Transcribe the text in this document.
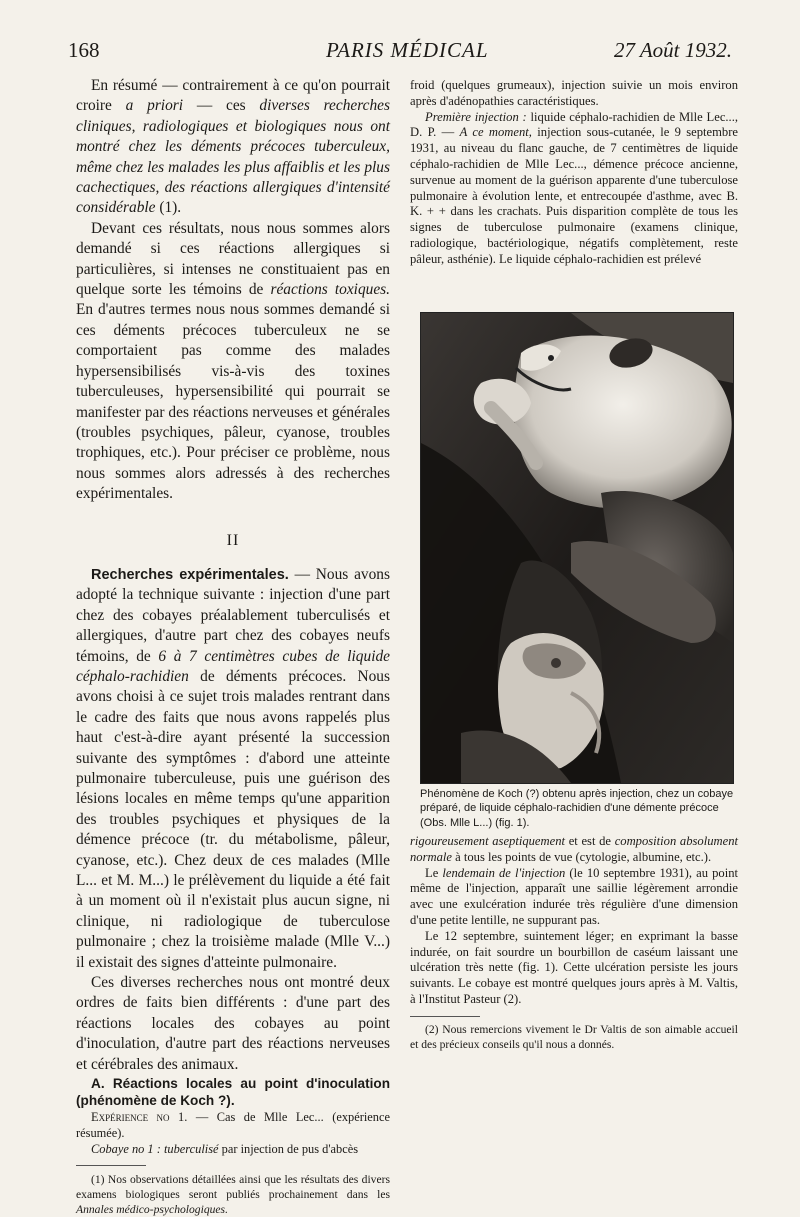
168	PARIS MÉDICAL	27 Août 1932.

En résumé — contrairement à ce qu'on pourrait croire a priori — ces diverses recherches cliniques, radiologiques et biologiques nous ont montré chez les déments précoces tuberculeux, même chez les malades les plus affaiblis et les plus cachectiques, des réactions allergiques d'intensité considérable (1).

Devant ces résultats, nous nous sommes alors demandé si ces réactions allergiques si particulières, si intenses ne constituaient pas en quelque sorte les témoins de réactions toxiques. En d'autres termes nous nous sommes demandé si ces déments précoces tuberculeux ne se comportaient pas comme des malades hypersensibilisés vis-à-vis des toxines tuberculeuses, hypersensibilité qui pourrait se manifester par des réactions nerveuses et générales (troubles psychiques, pâleur, cyanose, troubles trophiques, etc.). Pour préciser ce problème, nous nous sommes alors adressés à des recherches expérimentales.

II

Recherches expérimentales. — Nous avons adopté la technique suivante : injection d'une part chez des cobayes préalablement tuberculisés et allergiques, d'autre part chez des cobayes neufs témoins, de 6 à 7 centimètres cubes de liquide céphalo-rachidien de déments précoces. Nous avons choisi à ce sujet trois malades rentrant dans le cadre des faits que nous avons rappelés plus haut c'est-à-dire ayant présenté la succession suivante des symptômes : d'abord une atteinte pulmonaire tuberculeuse, puis une guérison des lésions locales en même temps qu'une apparition des troubles psychiques et physiques de la démence précoce (tr. du métabolisme, pâleur, cyanose, etc.). Chez deux de ces malades (Mlle L... et M. M...) le prélèvement du liquide a été fait à un moment où il n'existait plus aucun signe, ni clinique, ni radiologique de tuberculose pulmonaire ; chez la troisième malade (Mlle V...) il existait des signes d'atteinte pulmonaire.

Ces diverses recherches nous ont montré deux ordres de faits bien différents : d'une part des réactions locales des cobayes au point d'inoculation, d'autre part des réactions nerveuses et cérébrales des animaux.

A. Réactions locales au point d'inoculation (phénomène de Koch ?).

Expérience no 1. — Cas de Mlle Lec... (expérience résumée).

Cobaye no 1 : tuberculisé par injection de pus d'abcès

(1) Nos observations détaillées ainsi que les résultats des divers examens biologiques seront publiés prochainement dans les Annales médico-psychologiques.

froid (quelques grumeaux), injection suivie un mois environ après d'adénopathies caractéristiques.

Première injection : liquide céphalo-rachidien de Mlle Lec..., D. P. — A ce moment, injection sous-cutanée, le 9 septembre 1931, au niveau du flanc gauche, de 7 centimètres de liquide céphalo-rachidien de Mlle Lec..., démence précoce ancienne, survenue au moment de la guérison apparente d'une tuberculose pulmonaire à évolution lente, et entrecoupée d'asthme, avec B. K. + + dans les crachats. Puis disparition complète de tous les signes de tuberculose pulmonaire (examens clinique, radiologique, bactériologique, négatifs complètement, reste pâleur, asthénie). Le liquide céphalo-rachidien est prélevé

Phénomène de Koch (?) obtenu après injection, chez un cobaye préparé, de liquide céphalo-rachidien d'une démente précoce (Obs. Mlle L...) (fig. 1).

rigoureusement aseptiquement et est de composition absolument normale à tous les points de vue (cytologie, albumine, etc.).

Le lendemain de l'injection (le 10 septembre 1931), au point même de l'injection, apparaît une saillie légèrement arrondie avec une exulcération indurée très régulière d'une dimension d'une petite lentille, ne suppurant pas.

Le 12 septembre, suintement léger; en exprimant la basse indurée, on fait sourdre un bourbillon de caséum laissant une ulcération très nette (fig. 1). Cette ulcération persiste les jours suivants. Le cobaye est montré quelques jours après à M. Valtis, à l'Institut Pasteur (2).

(2) Nous remercions vivement le Dr Valtis de son aimable accueil et des précieux conseils qu'il nous a donnés.
